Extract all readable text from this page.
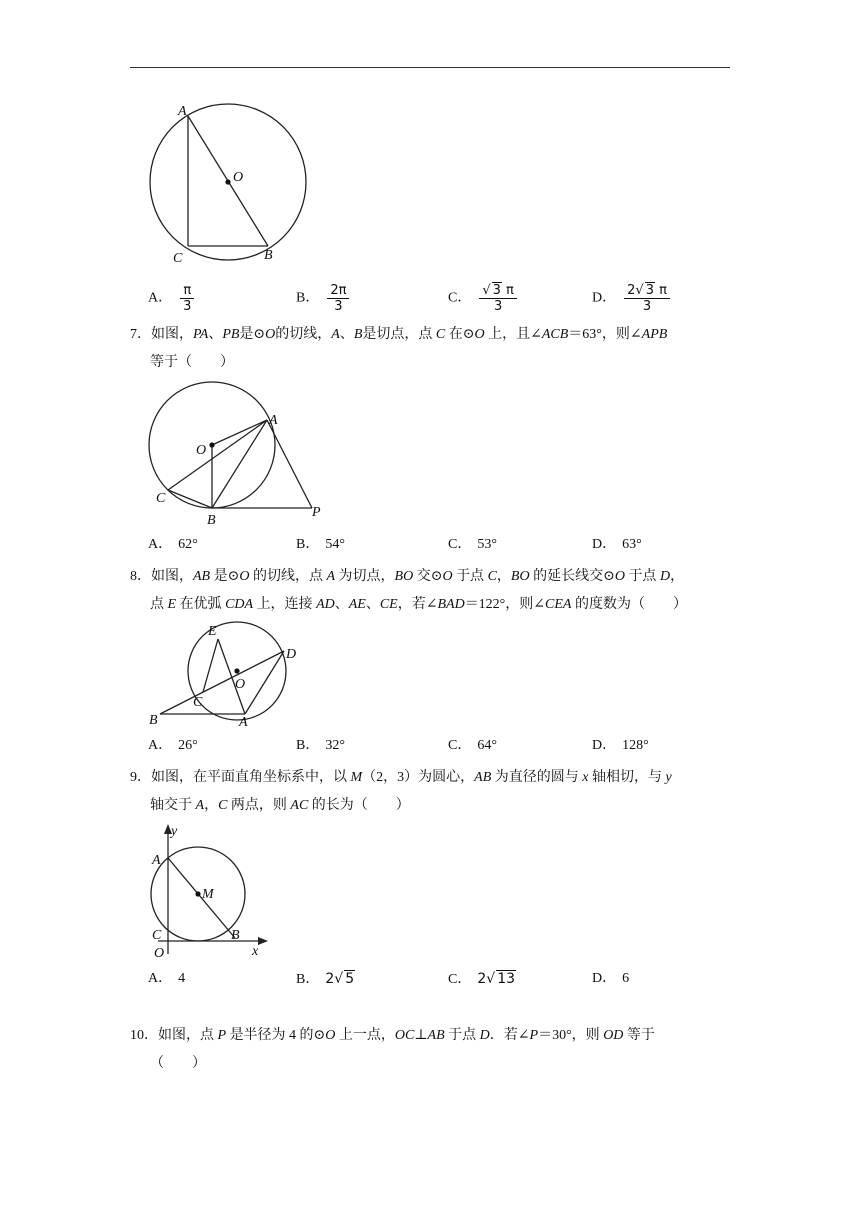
A
O
C	B
A． $\frac{\pi}{3}$	B． $\frac{2\pi}{3}$	C． $\frac{√ 3 \pi}{3}$	D． $\frac{2√ 3 \pi}{3}$
7．如图，PA、PB是⊙O的切线，A、B是切点，点 C 在⊙O 上，且∠ACB＝63°，则∠APB
等于（　　）
A
O
C
B
P
A． 62°	B． 54°	C． 53°	D． 63°
8．如图，AB 是⊙O 的切线，点 A 为切点，BO 交⊙O 于点 C，BO 的延长线交⊙O 于点 D，
点 E 在优弧 CDA 上，连接 AD、AE、CE，若∠BAD＝122°，则∠CEA 的度数为（　　）
E
D
O
C
B	A
A． 26°	B． 32°	C． 64°	D． 128°
9．如图，在平面直角坐标系中，以 M（2，3）为圆心，AB 为直径的圆与 x 轴相切，与 y
轴交于 A，C 两点，则 AC 的长为（　　）
y
A
M
C
O
B
x
A． 4	B． 2√ 5	C． 2√ 13	D． 6
10．如图，点 P 是半径为 4 的⊙O 上一点，OC⊥AB 于点 D．若∠P＝30°，则 OD 等于
（　　）
